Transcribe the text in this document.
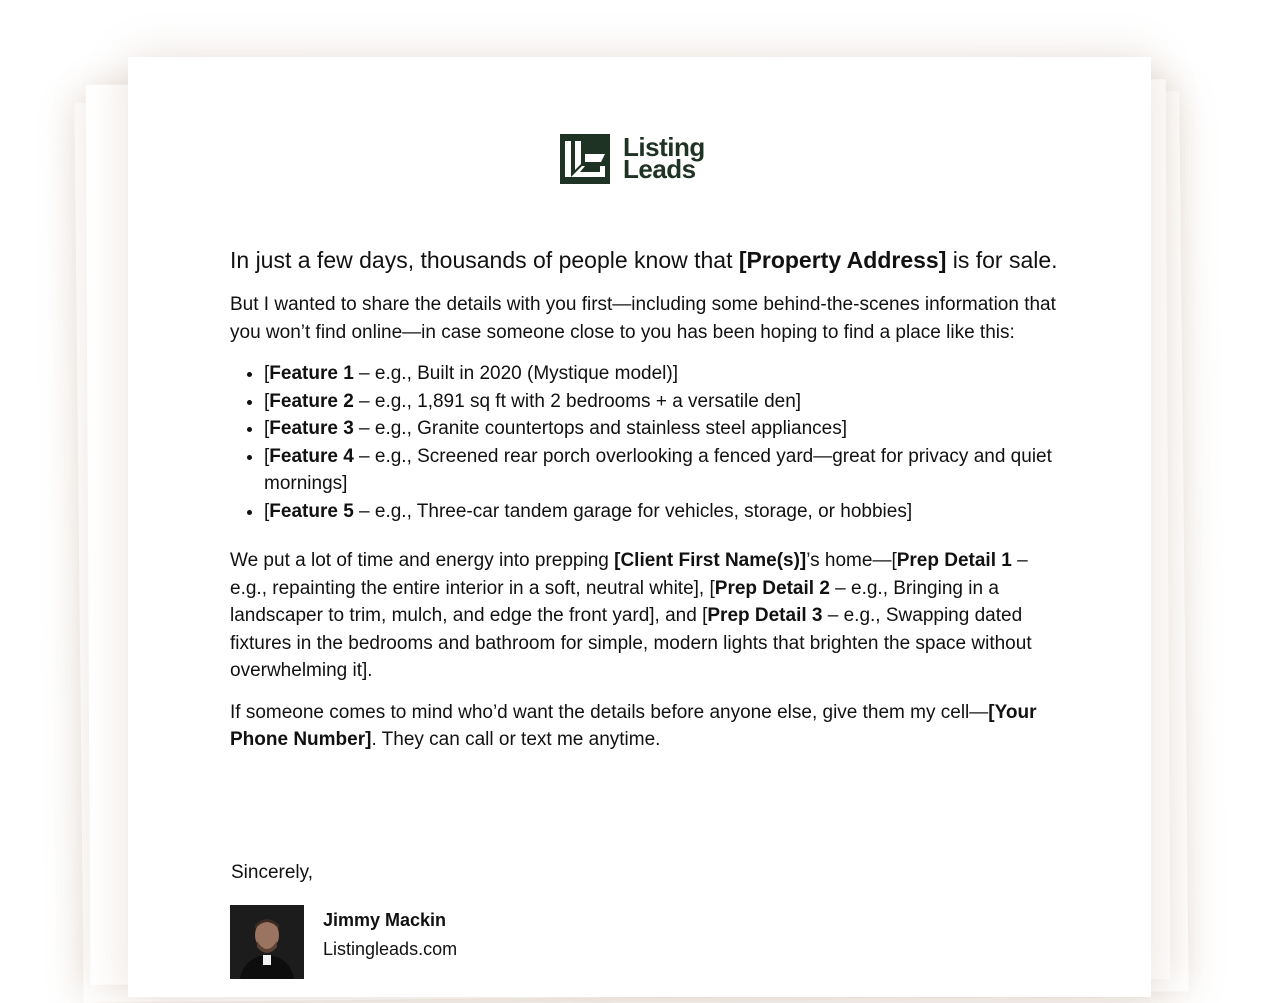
Listing
Leads

In just a few days, thousands of people know that [Property Address] is for sale.

But I wanted to share the details with you first—including some behind-the-scenes information that you won’t find online—in case someone close to you has been hoping to find a place like this:

• [Feature 1 – e.g., Built in 2020 (Mystique model)]
• [Feature 2 – e.g., 1,891 sq ft with 2 bedrooms + a versatile den]
• [Feature 3 – e.g., Granite countertops and stainless steel appliances]
• [Feature 4 – e.g., Screened rear porch overlooking a fenced yard—great for privacy and quiet mornings]
• [Feature 5 – e.g., Three-car tandem garage for vehicles, storage, or hobbies]

We put a lot of time and energy into prepping [Client First Name(s)]’s home—[Prep Detail 1 – e.g., repainting the entire interior in a soft, neutral white], [Prep Detail 2 – e.g., Bringing in a landscaper to trim, mulch, and edge the front yard], and [Prep Detail 3 – e.g., Swapping dated fixtures in the bedrooms and bathroom for simple, modern lights that brighten the space without overwhelming it].

If someone comes to mind who’d want the details before anyone else, give them my cell—[Your Phone Number]. They can call or text me anytime.

Sincerely,
Jimmy Mackin
Listingleads.com
